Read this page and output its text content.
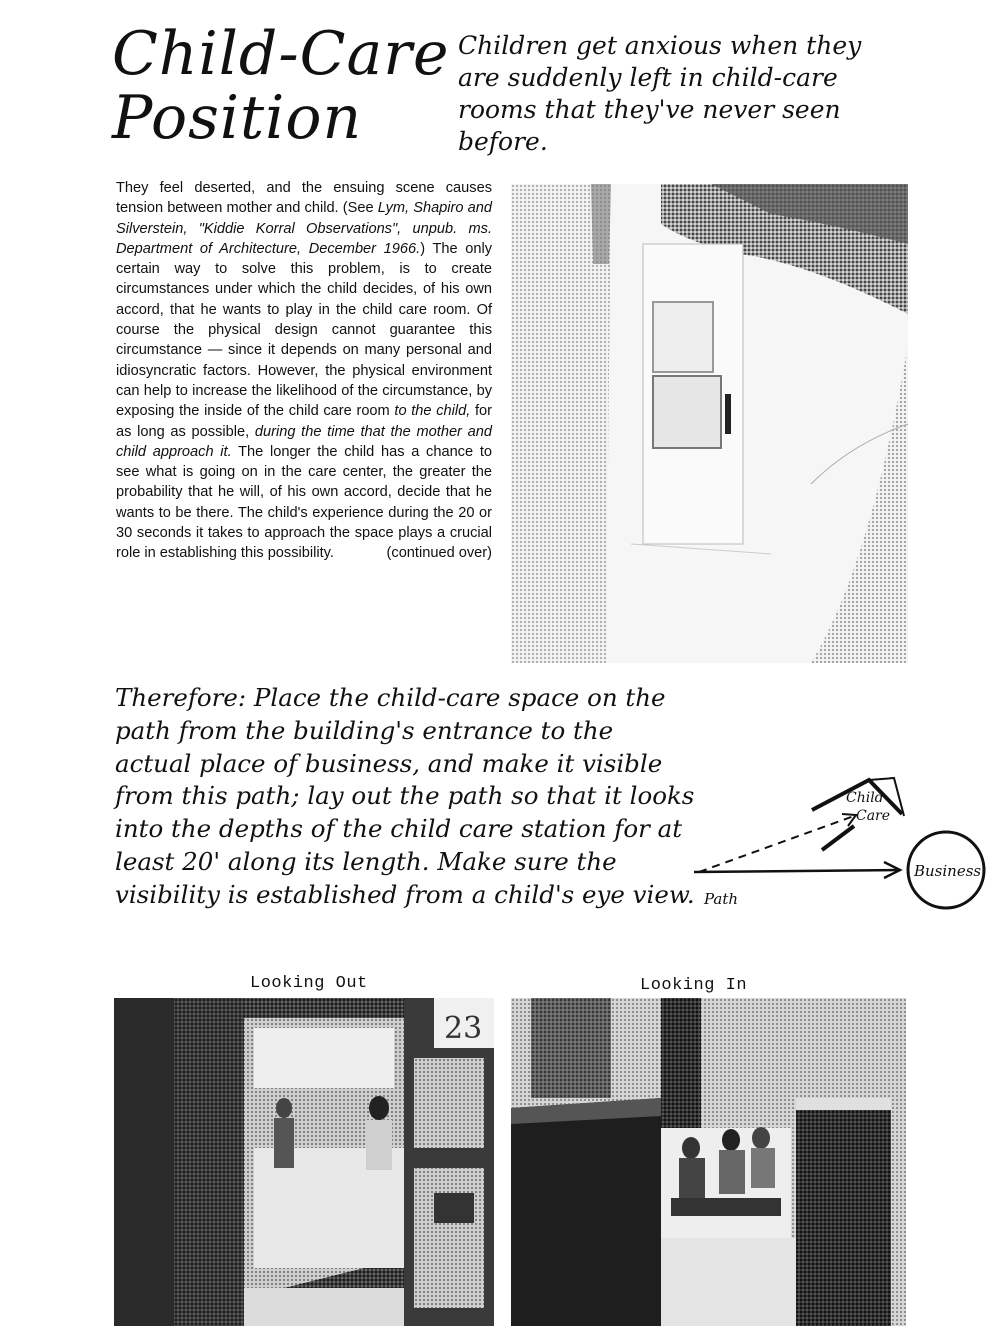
Child-Care
Position
Children get anxious when they are suddenly left in child-care rooms that they've never seen before.
They feel deserted, and the ensuing scene causes tension between mother and child. (See Lym, Shapiro and Silverstein, "Kiddie Korral Observations", unpub. ms. Department of Architecture, December 1966.) The only certain way to solve this problem, is to create circumstances under which the child decides, of his own accord, that he wants to play in the child care room. Of course the physical design cannot guarantee this circumstance — since it depends on many personal and idiosyncratic factors. However, the physical environment can help to increase the likelihood of the circumstance, by exposing the inside of the child care room to the child, for as long as possible, during the time that the mother and child approach it. The longer the child has a chance to see what is going on in the care center, the greater the probability that he will, of his own accord, decide that he wants to be there. The child's experience during the 20 or 30 seconds it takes to approach the space plays a crucial role in establishing this possibility.	(continued over)
Therefore: Place the child-care space on the path from the building's entrance to the actual place of business, and make it visible from this path; lay out the path so that it looks into the depths of the child care station for at least 20' along its length. Make sure the visibility is established from a child's eye view.
Child
Care
Path
Business
Looking Out	Looking In
23
